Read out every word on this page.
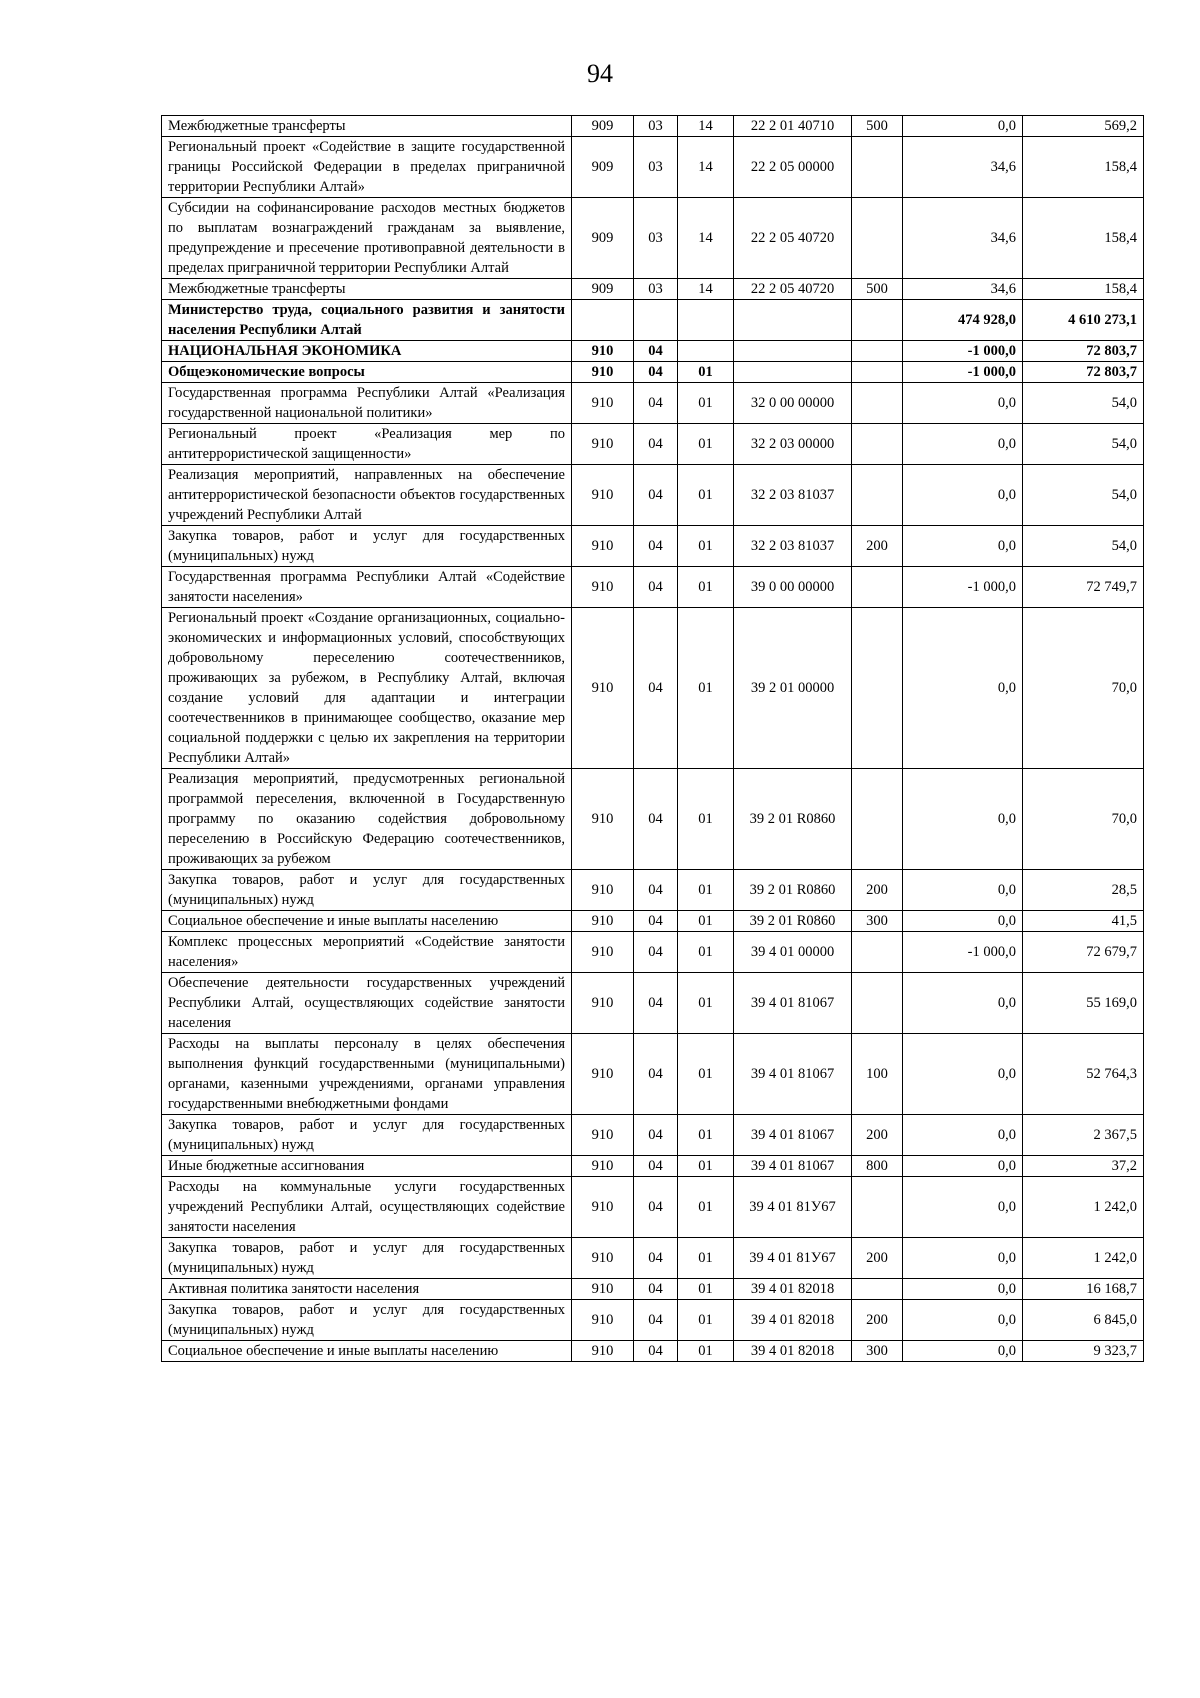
94
Межбюджетные трансферты	909	03	14	22 2 01 40710	500	0,0	569,2
Региональный проект «Содействие в защите государственной границы Российской Федерации в пределах приграничной территории Республики Алтай»	909	03	14	22 2 05 00000		34,6	158,4
Субсидии на софинансирование расходов местных бюджетов по выплатам вознаграждений гражданам за выявление, предупреждение и пресечение противоправной деятельности в пределах приграничной территории Республики Алтай	909	03	14	22 2 05 40720		34,6	158,4
Межбюджетные трансферты	909	03	14	22 2 05 40720	500	34,6	158,4
Министерство труда, социального развития и занятости населения Республики Алтай						474 928,0	4 610 273,1
НАЦИОНАЛЬНАЯ ЭКОНОМИКА	910	04				-1 000,0	72 803,7
Общеэкономические вопросы	910	04	01			-1 000,0	72 803,7
Государственная программа Республики Алтай «Реализация государственной национальной политики»	910	04	01	32 0 00 00000		0,0	54,0
Региональный проект «Реализация мер по антитеррористической защищенности»	910	04	01	32 2 03 00000		0,0	54,0
Реализация мероприятий, направленных на обеспечение антитеррористической безопасности объектов государственных учреждений Республики Алтай	910	04	01	32 2 03 81037		0,0	54,0
Закупка товаров, работ и услуг для государственных (муниципальных) нужд	910	04	01	32 2 03 81037	200	0,0	54,0
Государственная программа Республики Алтай «Содействие занятости населения»	910	04	01	39 0 00 00000		-1 000,0	72 749,7
Региональный проект «Создание организационных, социально-экономических и информационных условий, способствующих добровольному переселению соотечественников, проживающих за рубежом, в Республику Алтай, включая создание условий для адаптации и интеграции соотечественников в принимающее сообщество, оказание мер социальной поддержки с целью их закрепления на территории Республики Алтай»	910	04	01	39 2 01 00000		0,0	70,0
Реализация мероприятий, предусмотренных региональной программой переселения, включенной в Государственную программу по оказанию содействия добровольному переселению в Российскую Федерацию соотечественников, проживающих за рубежом	910	04	01	39 2 01 R0860		0,0	70,0
Закупка товаров, работ и услуг для государственных (муниципальных) нужд	910	04	01	39 2 01 R0860	200	0,0	28,5
Социальное обеспечение и иные выплаты населению	910	04	01	39 2 01 R0860	300	0,0	41,5
Комплекс процессных мероприятий «Содействие занятости населения»	910	04	01	39 4 01 00000		-1 000,0	72 679,7
Обеспечение деятельности государственных учреждений Республики Алтай, осуществляющих содействие занятости населения	910	04	01	39 4 01 81067		0,0	55 169,0
Расходы на выплаты персоналу в целях обеспечения выполнения функций государственными (муниципальными) органами, казенными учреждениями, органами управления государственными внебюджетными фондами	910	04	01	39 4 01 81067	100	0,0	52 764,3
Закупка товаров, работ и услуг для государственных (муниципальных) нужд	910	04	01	39 4 01 81067	200	0,0	2 367,5
Иные бюджетные ассигнования	910	04	01	39 4 01 81067	800	0,0	37,2
Расходы на коммунальные услуги государственных учреждений Республики Алтай, осуществляющих содействие занятости населения	910	04	01	39 4 01 81У67		0,0	1 242,0
Закупка товаров, работ и услуг для государственных (муниципальных) нужд	910	04	01	39 4 01 81У67	200	0,0	1 242,0
Активная политика занятости населения	910	04	01	39 4 01 82018		0,0	16 168,7
Закупка товаров, работ и услуг для государственных (муниципальных) нужд	910	04	01	39 4 01 82018	200	0,0	6 845,0
Социальное обеспечение и иные выплаты населению	910	04	01	39 4 01 82018	300	0,0	9 323,7
